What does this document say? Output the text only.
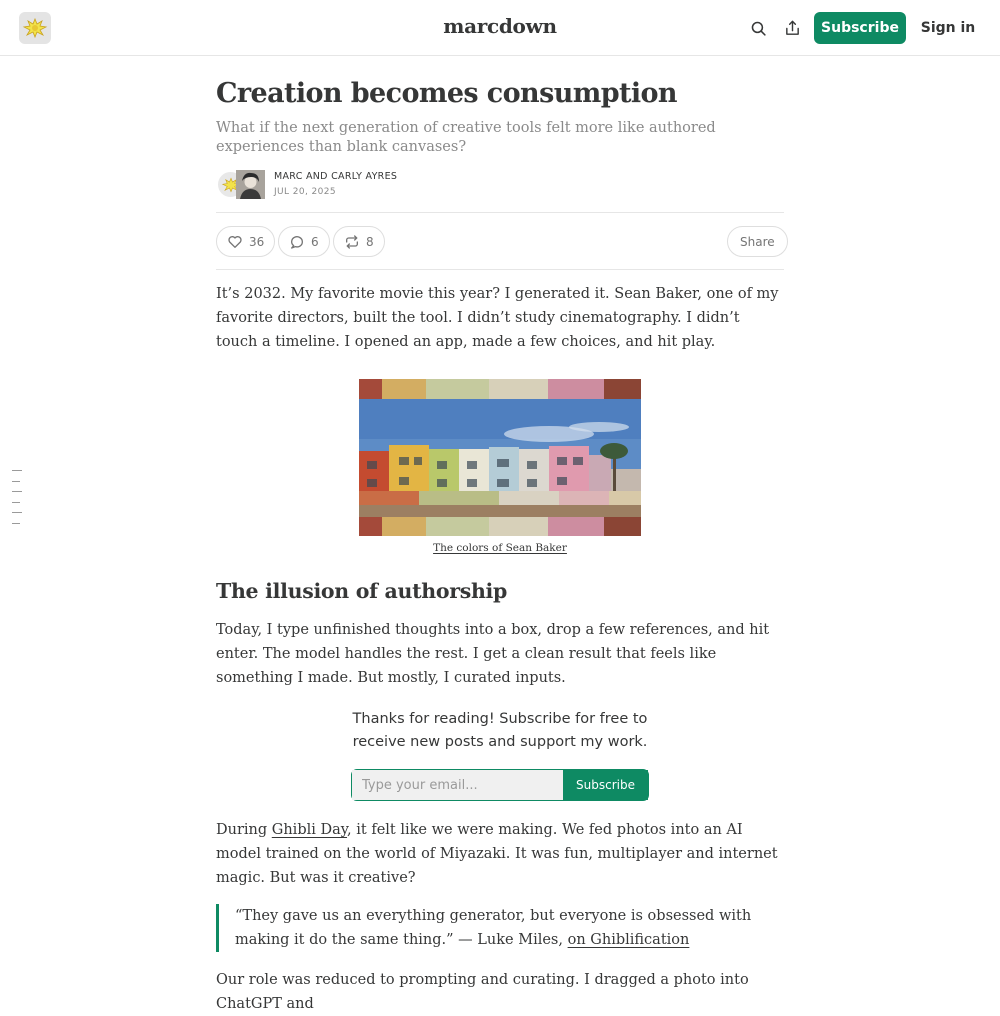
marcdown	Subscribe	Sign in
Creation becomes consumption
What if the next generation of creative tools felt more like authored experiences than blank canvases?
MARC AND CARLY AYRES
JUL 20, 2025
36	6	8	Share

It’s 2032. My favorite movie this year? I generated it. Sean Baker, one of my favorite directors, built the tool. I didn’t study cinematography. I didn’t touch a timeline. I opened an app, made a few choices, and hit play.

The colors of Sean Baker
The illusion of authorship

Today, I type unfinished thoughts into a box, drop a few references, and hit enter. The model handles the rest. I get a clean result that feels like something I made. But mostly, I curated inputs.

Thanks for reading! Subscribe for free to receive new posts and support my work.
Type your email...
Subscribe

During Ghibli Day, it felt like we were making. We fed photos into an AI model trained on the world of Miyazaki. It was fun, multiplayer and internet magic. But was it creative?

“They gave us an everything generator, but everyone is obsessed with making it do the same thing.” — Luke Miles, on Ghiblification

Our role was reduced to prompting and curating. I dragged a photo into ChatGPT and
